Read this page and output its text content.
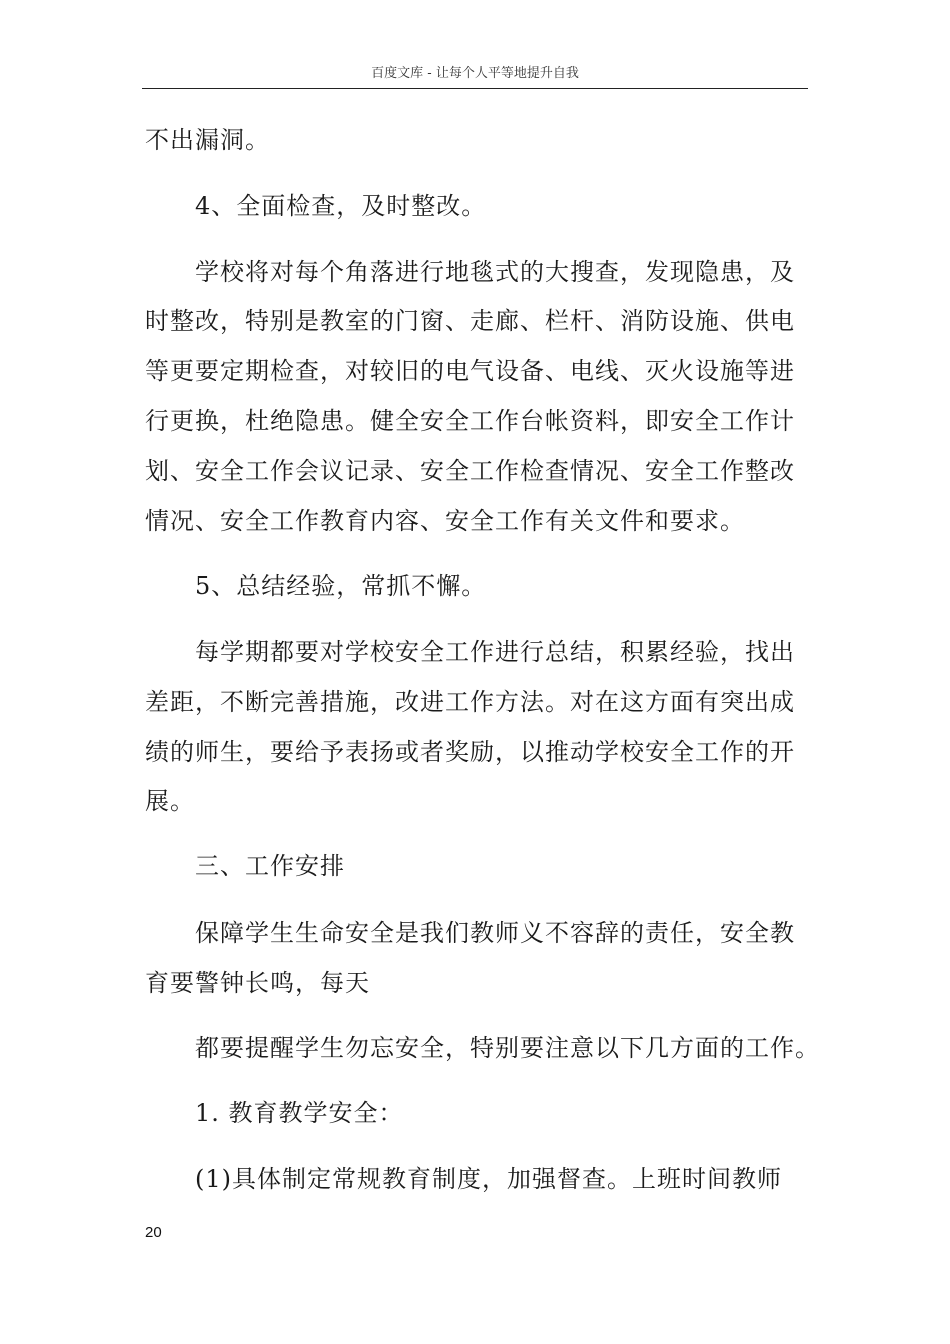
百度文库 - 让每个人平等地提升自我
不出漏洞。
4、全面检查，及时整改。
学校将对每个角落进行地毯式的大搜查，发现隐患，及
时整改，特别是教室的门窗、走廊、栏杆、消防设施、供电
等更要定期检查，对较旧的电气设备、电线、灭火设施等进
行更换，杜绝隐患。健全安全工作台帐资料，即安全工作计
划、安全工作会议记录、安全工作检查情况、安全工作整改
情况、安全工作教育内容、安全工作有关文件和要求。
5、总结经验，常抓不懈。
每学期都要对学校安全工作进行总结，积累经验，找出
差距，不断完善措施，改进工作方法。对在这方面有突出成
绩的师生，要给予表扬或者奖励，以推动学校安全工作的开
展。
三、工作安排
保障学生生命安全是我们教师义不容辞的责任，安全教
育要警钟长鸣，每天
都要提醒学生勿忘安全，特别要注意以下几方面的工作。
1. 教育教学安全：
(1)具体制定常规教育制度，加强督查。上班时间教师
20
